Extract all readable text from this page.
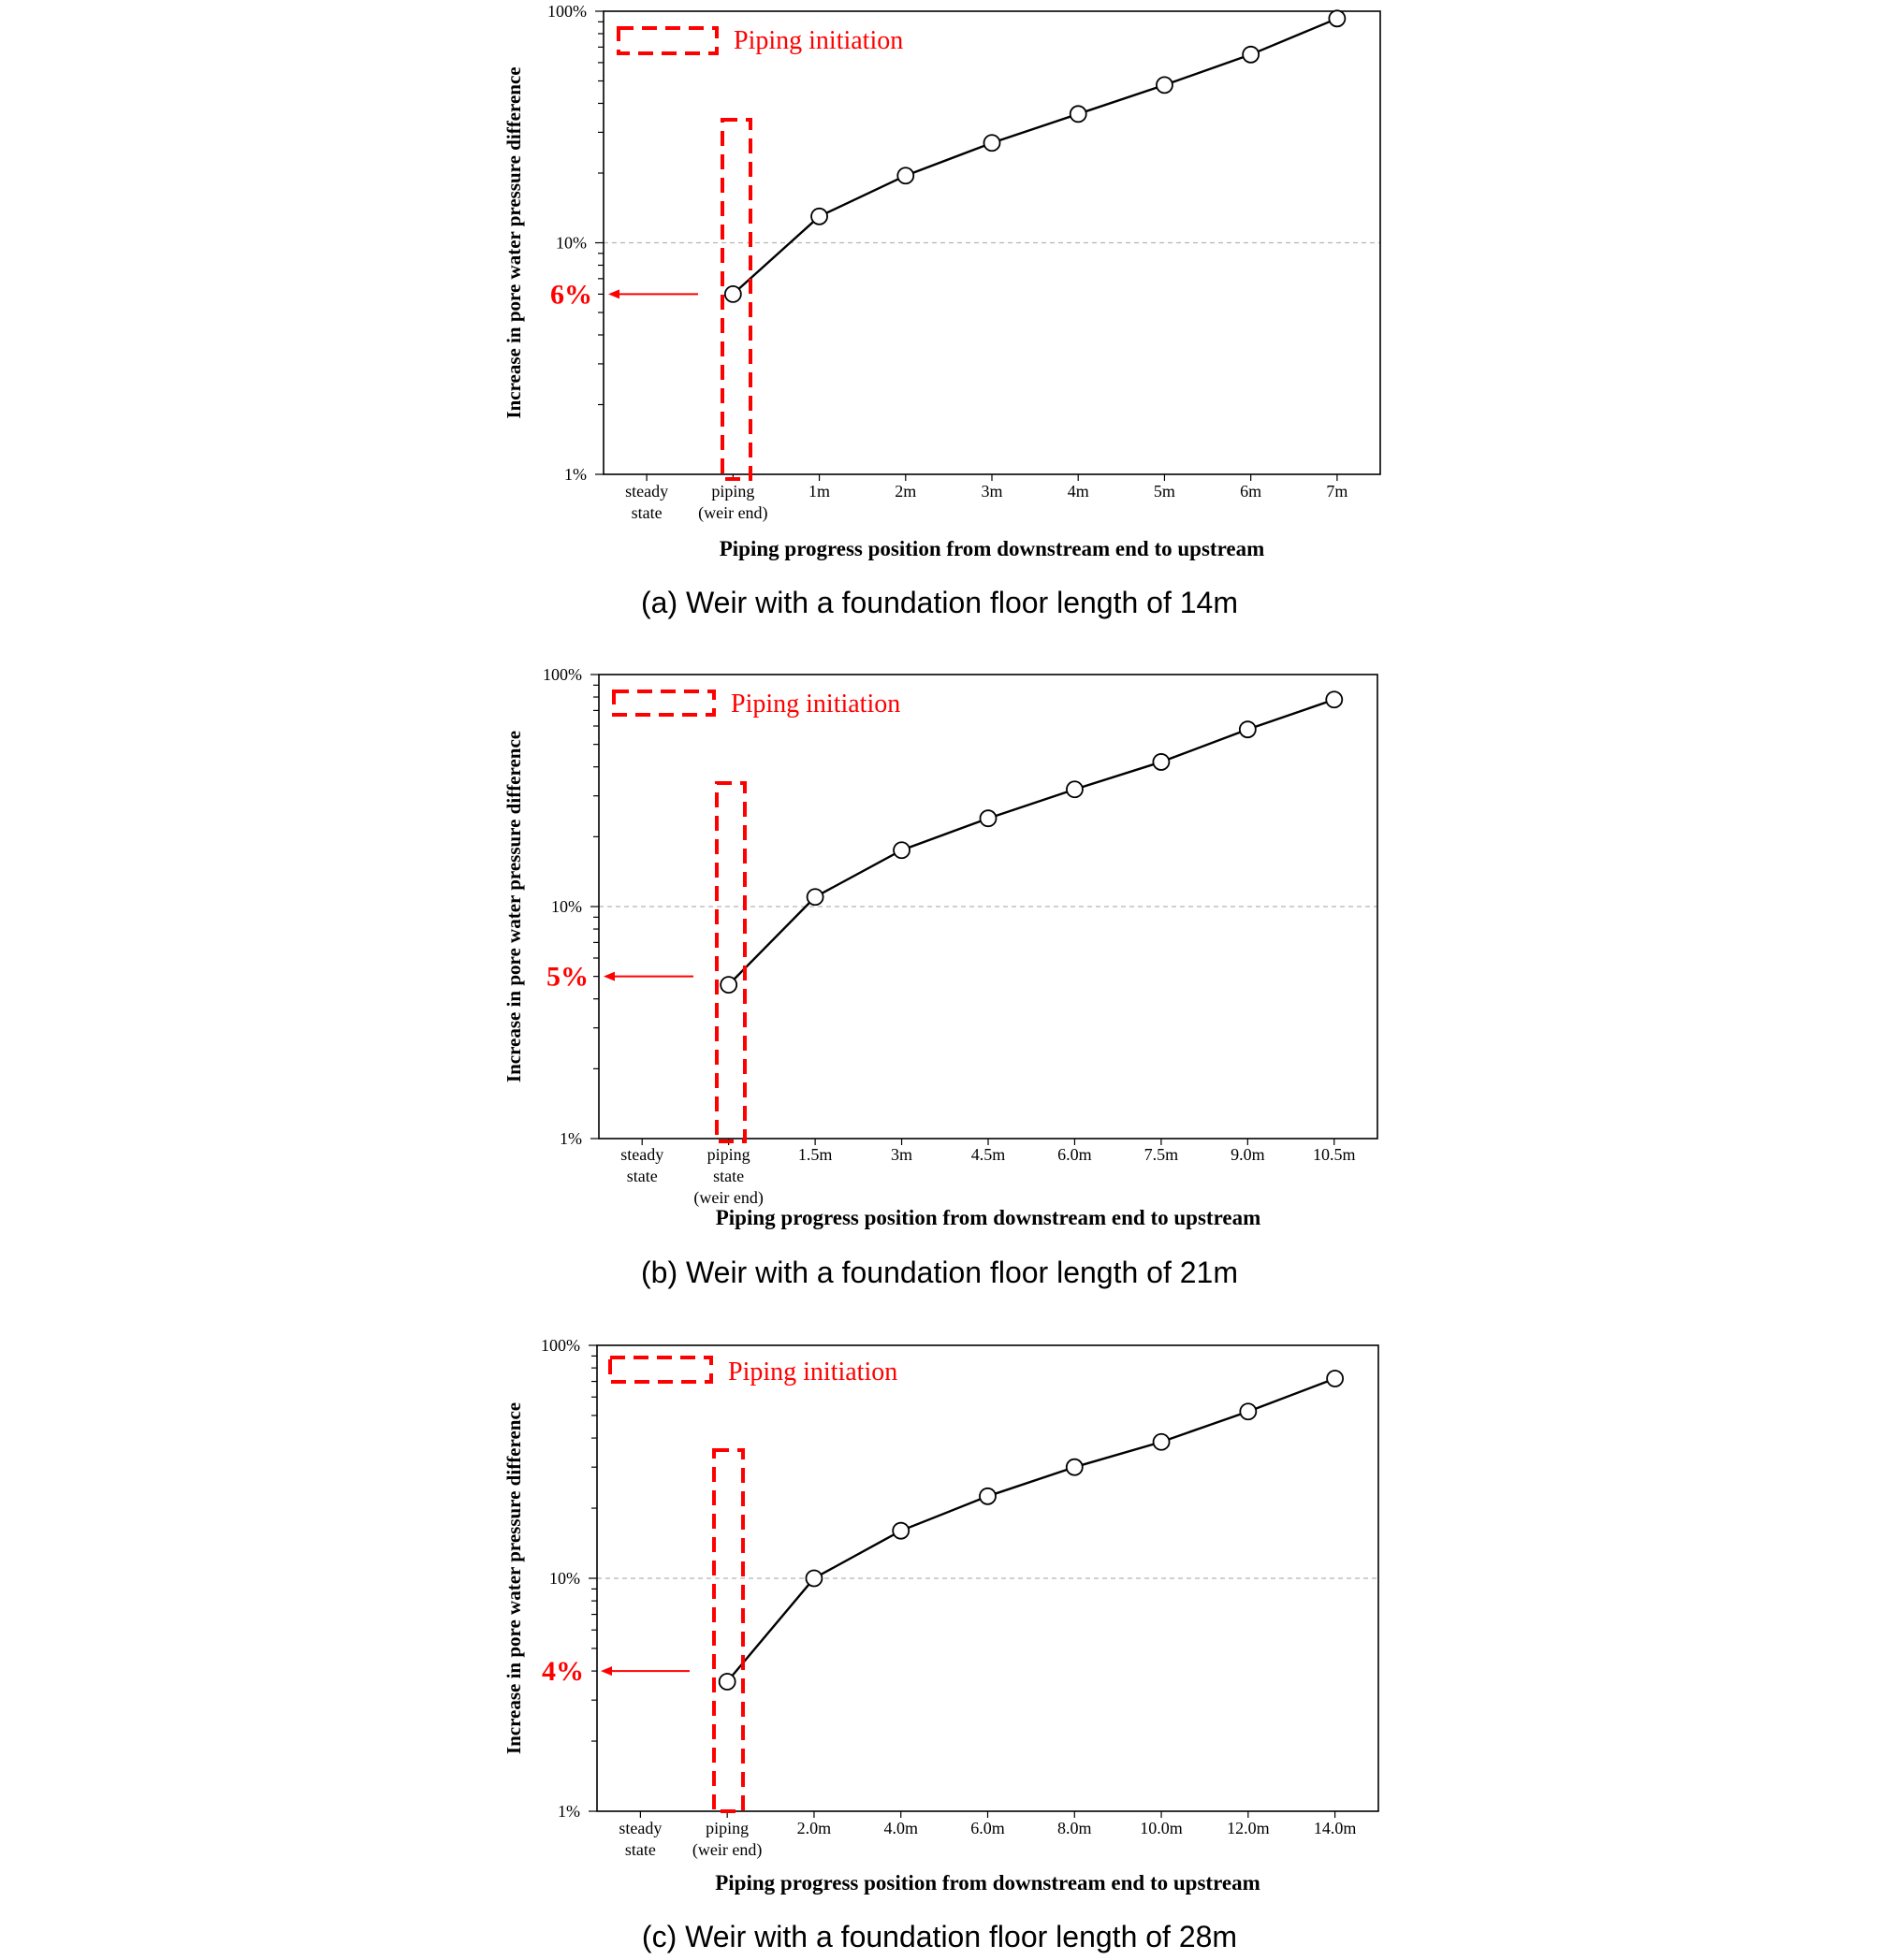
1%
10%
100%
steady
state
piping
(weir end)
1m	2m	3m	4m	5m	6m	7m
Increase in pore water pressure difference
Piping progress position from downstream end to upstream
Piping initiation
6%
(a) Weir with a foundation floor length of 14m
1%
10%
100%
steady
state
piping
state
(weir end)
1.5m	3m	4.5m	6.0m	7.5m	9.0m	10.5m
Increase in pore water pressure difference
Piping progress position from downstream end to upstream
Piping initiation
5%
(b) Weir with a foundation floor length of 21m
1%
10%
100%
steady
state
piping
(weir end)
2.0m	4.0m	6.0m	8.0m	10.0m	12.0m	14.0m
Increase in pore water pressure difference
Piping progress position from downstream end to upstream
Piping initiation
4%
(c) Weir with a foundation floor length of 28m
